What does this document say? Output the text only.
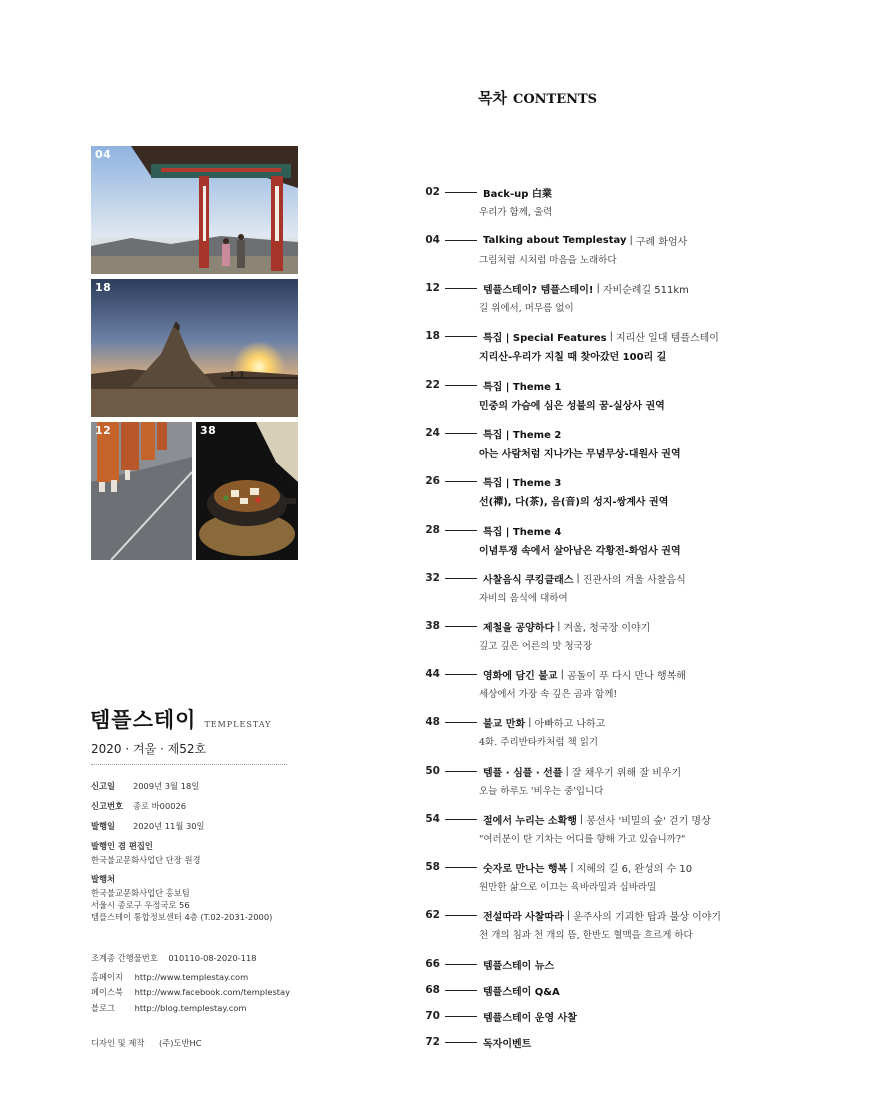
04
18
12	38
템플스테이 TEMPLESTAY
2020 · 겨울 · 제52호
신고일	2009년 3월 18일
신고번호	종로 바00026
발행일	2020년 11월 30일
발행인 겸 편집인
한국불교문화사업단 단장 원경
발행처
한국불교문화사업단 홍보팀
서울시 종로구 우정국로 56
템플스테이 통합정보센터 4층 (T.02-2031-2000)
조계종 간행물번호 010110-08-2020-118
홈페이지 http://www.templestay.com
페이스북 http://www.facebook.com/templestay
블로그 http://blog.templestay.com
디자인 및 제작 (주)도반HC
목차 CONTENTS
02	Back-up 白業
우리가 함께, 울력
04	Talking about Templestay | 구례 화엄사
그림처럼 시처럼 마음을 노래하다
12	템플스테이? 템플스테이! | 자비순례길 511km
길 위에서, 머무름 없이
18	특집 | Special Features | 지리산 일대 템플스테이
지리산-우리가 지칠 때 찾아갔던 100리 길
22	특집 | Theme 1
민중의 가슴에 심은 성불의 꿈-실상사 권역
24	특집 | Theme 2
아는 사람처럼 지나가는 무념무상-대원사 권역
26	특집 | Theme 3
선(禪), 다(茶), 음(音)의 성지-쌍계사 권역
28	특집 | Theme 4
이념투쟁 속에서 살아남은 각황전-화엄사 권역
32	사찰음식 쿠킹클래스 | 진관사의 겨울 사찰음식
자비의 음식에 대하여
38	제철을 공양하다 | 겨울, 청국장 이야기
깊고 깊은 어른의 맛 청국장
44	영화에 담긴 불교 | 곰돌이 푸 다시 만나 행복해
세상에서 가장 속 깊은 곰과 함께!
48	불교 만화 | 아빠하고 나하고
4화. 주리반타카처럼 책 읽기
50	템플 · 심플 · 선플 | 잘 채우기 위해 잘 비우기
오늘 하루도 '비우는 중'입니다
54	절에서 누리는 소확행 | 봉선사 '비밀의 숲' 걷기 명상
"여러분이 탄 기차는 어디를 향해 가고 있습니까?"
58	숫자로 만나는 행복 | 지혜의 길 6, 완성의 수 10
원만한 삶으로 이끄는 육바라밀과 십바라밀
62	전설따라 사찰따라 | 운주사의 기괴한 탑과 불상 이야기
천 개의 침과 천 개의 뜸, 한반도 혈맥을 흐르게 하다
66	템플스테이 뉴스
68	템플스테이 Q&A
70	템플스테이 운영 사찰
72	독자이벤트
